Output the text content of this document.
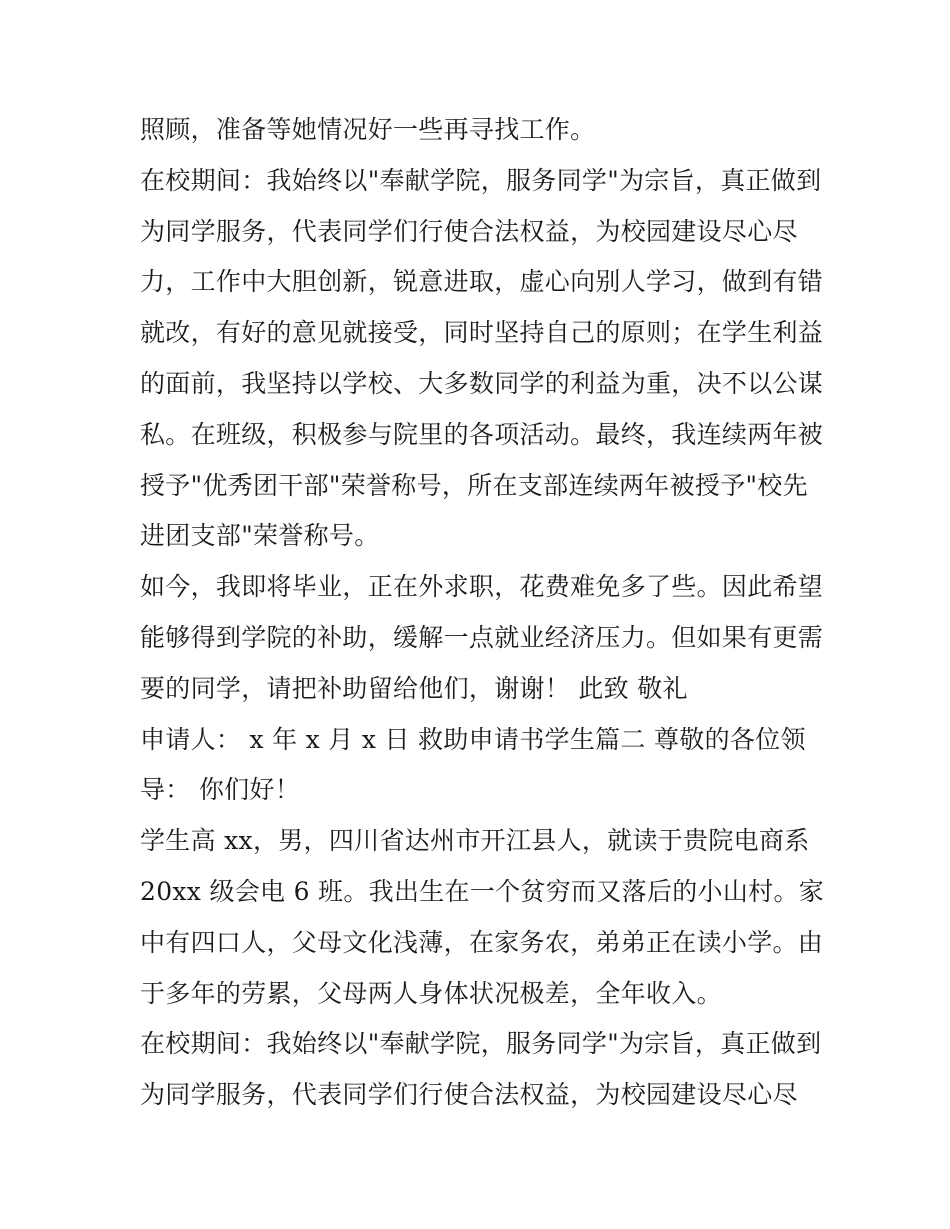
照顾，准备等她情况好一些再寻找工作。
在校期间：我始终以"奉献学院，服务同学"为宗旨，真正做到
为同学服务，代表同学们行使合法权益，为校园建设尽心尽
力，工作中大胆创新，锐意进取，虚心向别人学习，做到有错
就改，有好的意见就接受，同时坚持自己的原则；在学生利益
的面前，我坚持以学校、大多数同学的利益为重，决不以公谋
私。在班级，积极参与院里的各项活动。最终，我连续两年被
授予"优秀团干部"荣誉称号，所在支部连续两年被授予"校先
进团支部"荣誉称号。
如今，我即将毕业，正在外求职，花费难免多了些。因此希望
能够得到学院的补助，缓解一点就业经济压力。但如果有更需
要的同学，请把补助留给他们，谢谢！ 此致 敬礼
申请人： x 年 x 月 x 日 救助申请书学生篇二 尊敬的各位领
导： 你们好！
学生高 xx，男，四川省达州市开江县人，就读于贵院电商系
20xx 级会电 6 班。我出生在一个贫穷而又落后的小山村。家
中有四口人，父母文化浅薄，在家务农，弟弟正在读小学。由
于多年的劳累，父母两人身体状况极差，全年收入。
在校期间：我始终以"奉献学院，服务同学"为宗旨，真正做到
为同学服务，代表同学们行使合法权益，为校园建设尽心尽
